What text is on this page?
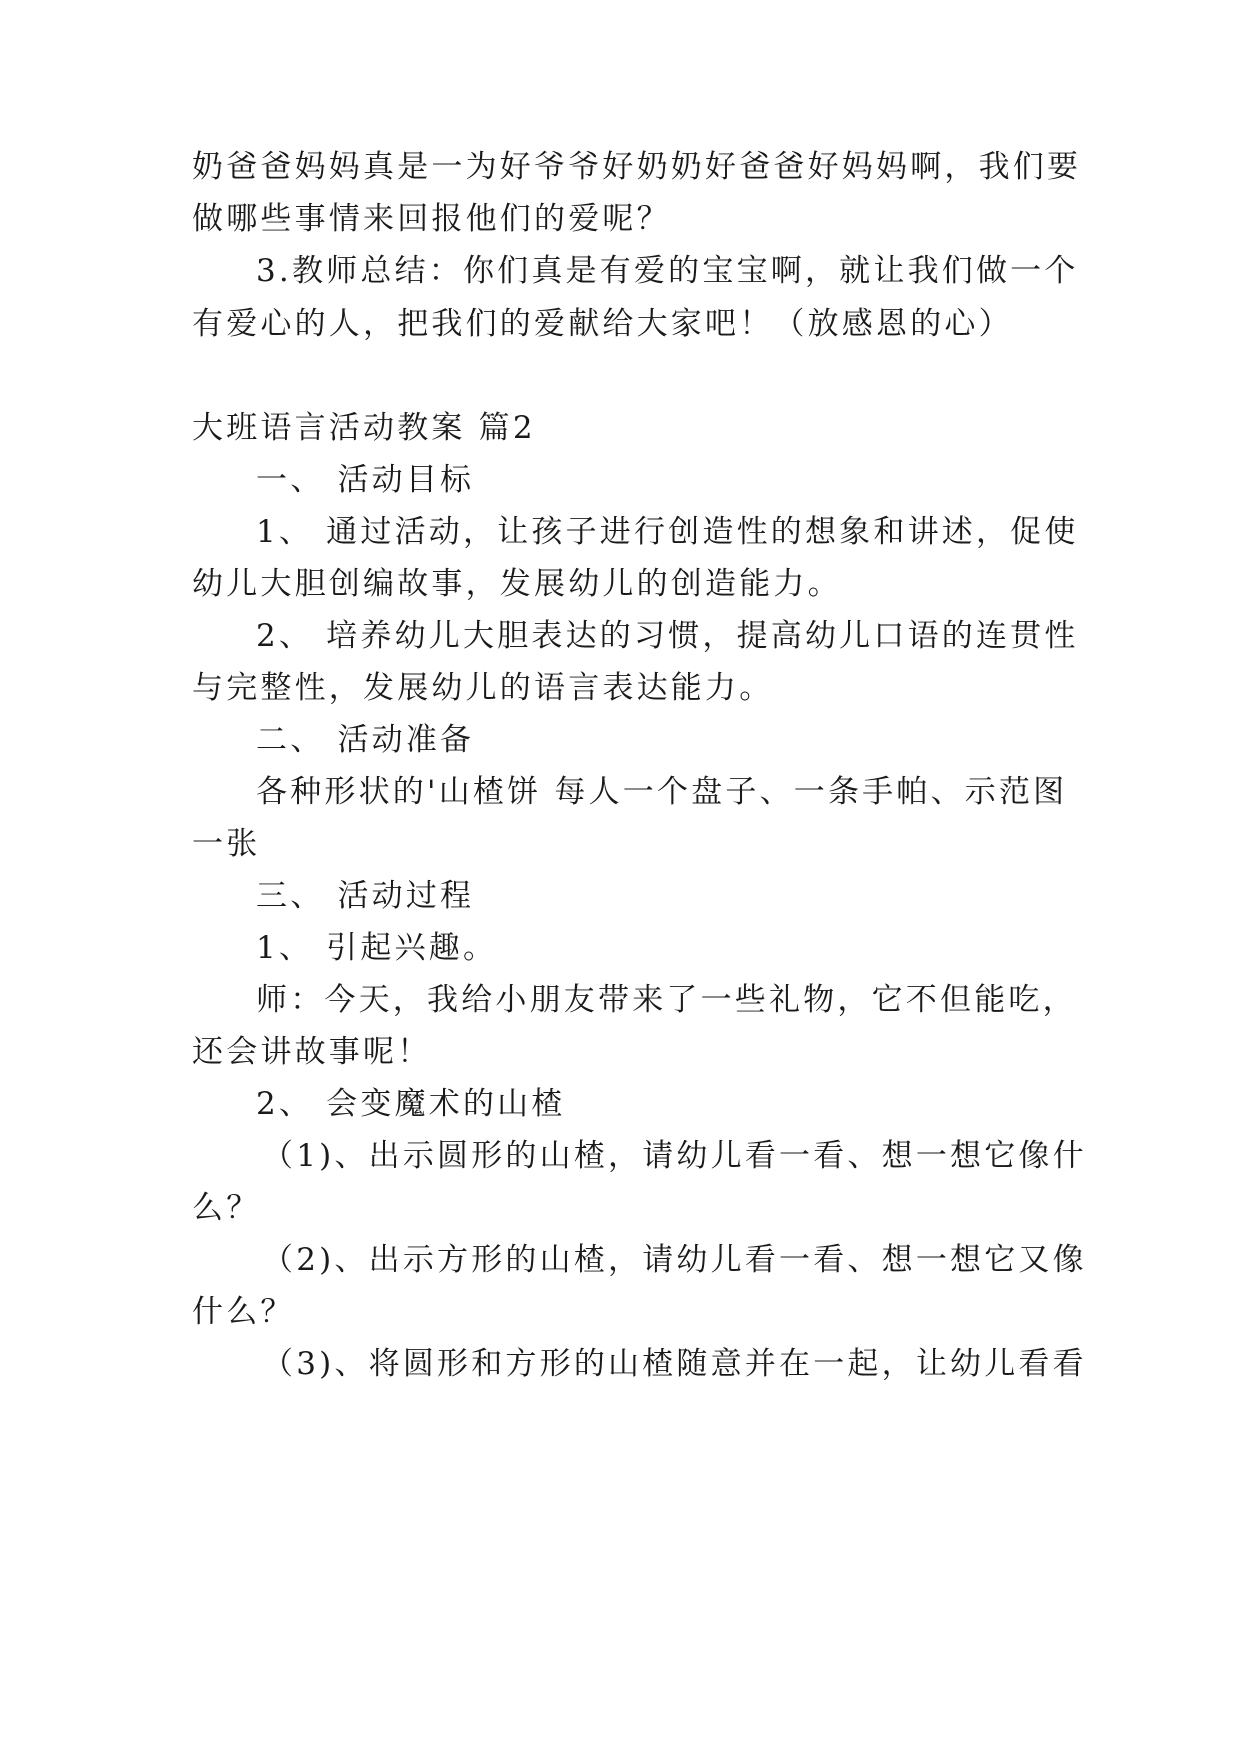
奶爸爸妈妈真是一为好爷爷好奶奶好爸爸好妈妈啊，我们要

做哪些事情来回报他们的爱呢？

3.教师总结：你们真是有爱的宝宝啊，就让我们做一个

有爱心的人，把我们的爱献给大家吧！（放感恩的心）

大班语言活动教案 篇2

一、 活动目标

1、 通过活动，让孩子进行创造性的想象和讲述，促使

幼儿大胆创编故事，发展幼儿的创造能力。

2、 培养幼儿大胆表达的习惯，提高幼儿口语的连贯性

与完整性，发展幼儿的语言表达能力。

二、 活动准备

各种形状的'山楂饼 每人一个盘子、一条手帕、示范图

一张

三、 活动过程

1、 引起兴趣。

师：今天，我给小朋友带来了一些礼物，它不但能吃，

还会讲故事呢！

2、 会变魔术的山楂

（1)、出示圆形的山楂，请幼儿看一看、想一想它像什

么？

（2)、出示方形的山楂，请幼儿看一看、想一想它又像

什么？

（3)、将圆形和方形的山楂随意并在一起，让幼儿看看
